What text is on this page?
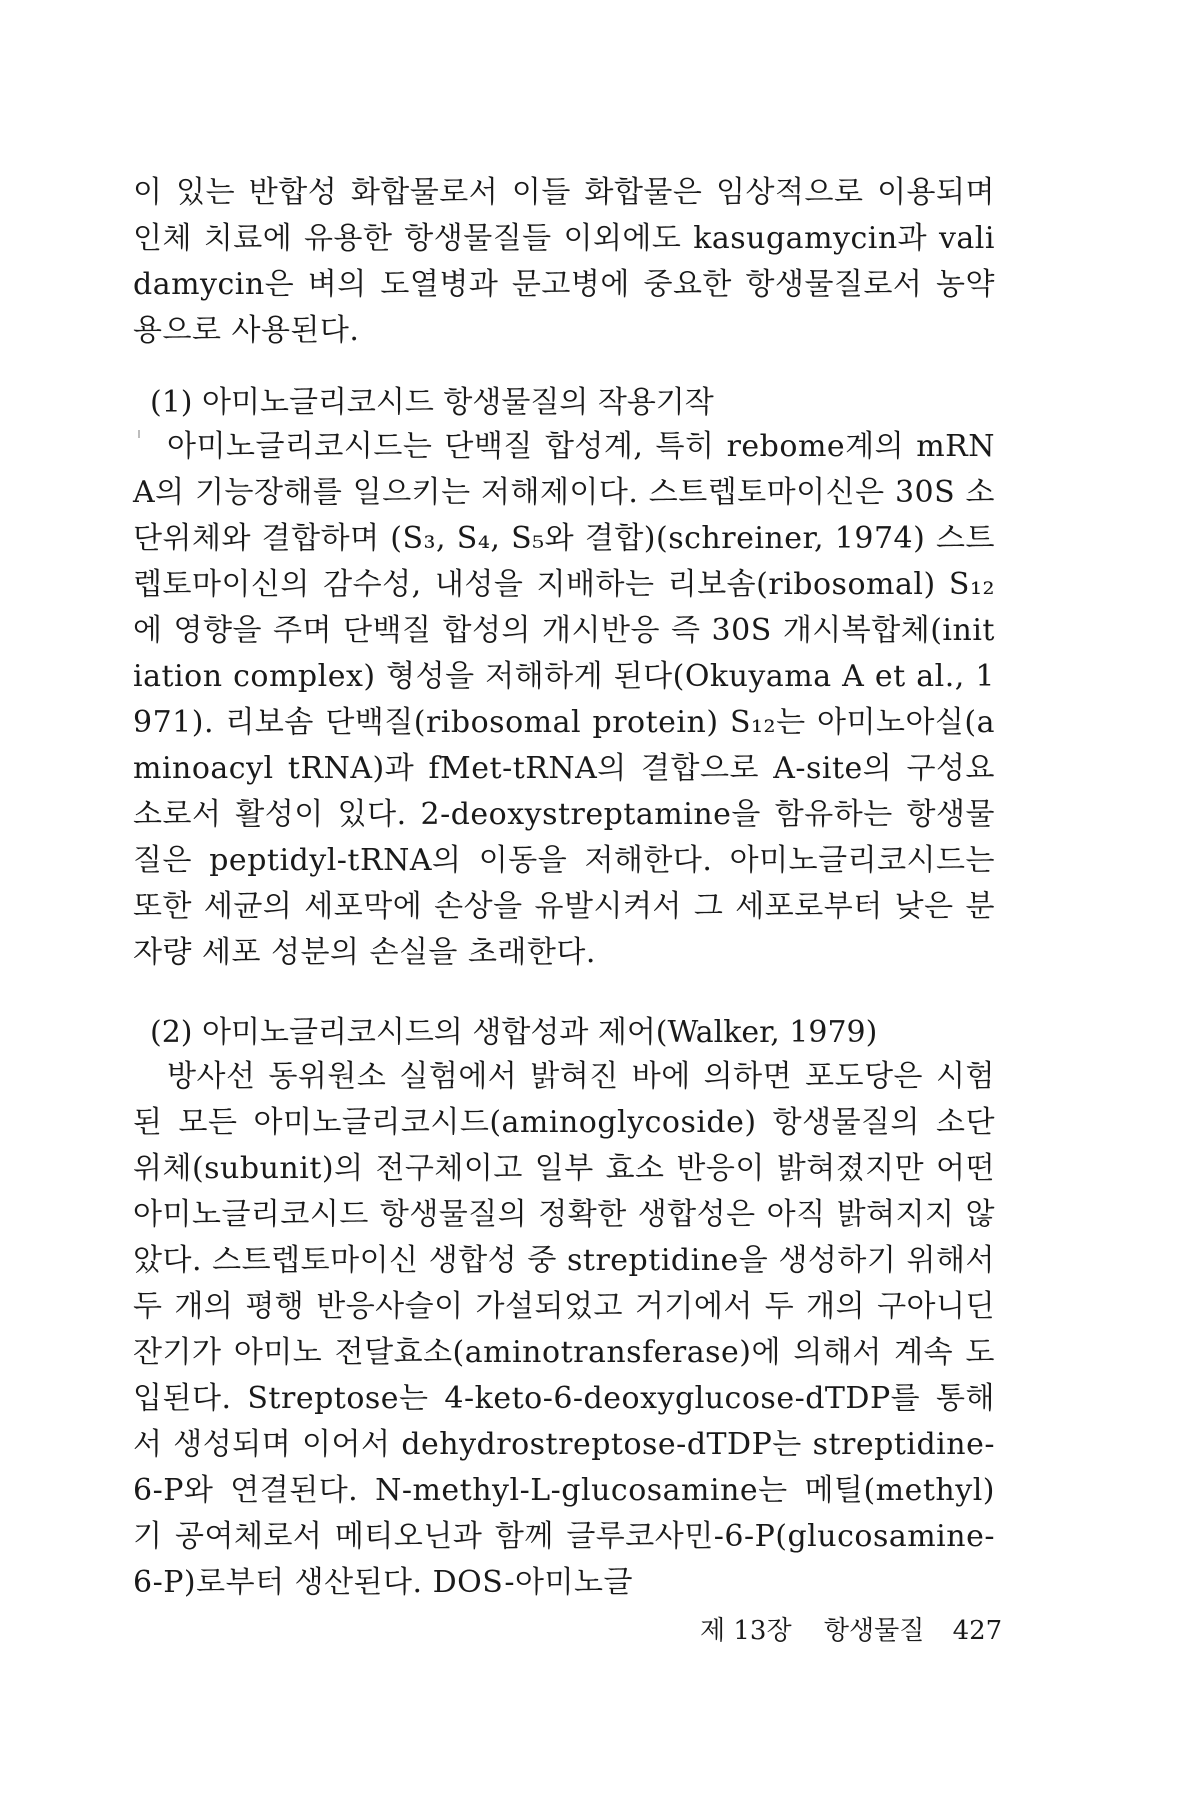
이 있는 반합성 화합물로서 이들 화합물은 임상적으로 이용되며 인체 치료에 유용한 항생물질들 이외에도 kasugamycin과 validamycin은 벼의 도열병과 문고병에 중요한 항생물질로서 농약용으로 사용된다.

(1) 아미노글리코시드 항생물질의 작용기작

아미노글리코시드는 단백질 합성계, 특히 rebome계의 mRNA의 기능장해를 일으키는 저해제이다. 스트렙토마이신은 30S 소단위체와 결합하며 (S₃, S₄, S₅와 결합)(schreiner, 1974) 스트렙토마이신의 감수성, 내성을 지배하는 리보솜(ribosomal) S₁₂에 영향을 주며 단백질 합성의 개시반응 즉 30S 개시복합체(initiation complex) 형성을 저해하게 된다(Okuyama A et al., 1971). 리보솜 단백질(ribosomal protein) S₁₂는 아미노아실(aminoacyl tRNA)과 fMet-tRNA의 결합으로 A-site의 구성요소로서 활성이 있다. 2-deoxystreptamine을 함유하는 항생물질은 peptidyl-tRNA의 이동을 저해한다. 아미노글리코시드는 또한 세균의 세포막에 손상을 유발시켜서 그 세포로부터 낮은 분자량 세포 성분의 손실을 초래한다.

(2) 아미노글리코시드의 생합성과 제어(Walker, 1979)

방사선 동위원소 실험에서 밝혀진 바에 의하면 포도당은 시험된 모든 아미노글리코시드(aminoglycoside) 항생물질의 소단위체(subunit)의 전구체이고 일부 효소 반응이 밝혀졌지만 어떤 아미노글리코시드 항생물질의 정확한 생합성은 아직 밝혀지지 않았다. 스트렙토마이신 생합성 중 streptidine을 생성하기 위해서 두 개의 평행 반응사슬이 가설되었고 거기에서 두 개의 구아니딘 잔기가 아미노 전달효소(aminotransferase)에 의해서 계속 도입된다. Streptose는 4-keto-6-deoxyglucose-dTDP를 통해서 생성되며 이어서 dehydrostreptose-dTDP는 streptidine-6-P와 연결된다. N-methyl-L-glucosamine는 메틸(methyl)기 공여체로서 메티오닌과 함께 글루코사민-6-P(glucosamine-6-P)로부터 생산된다. DOS-아미노글

제 13장 항생물질 427
